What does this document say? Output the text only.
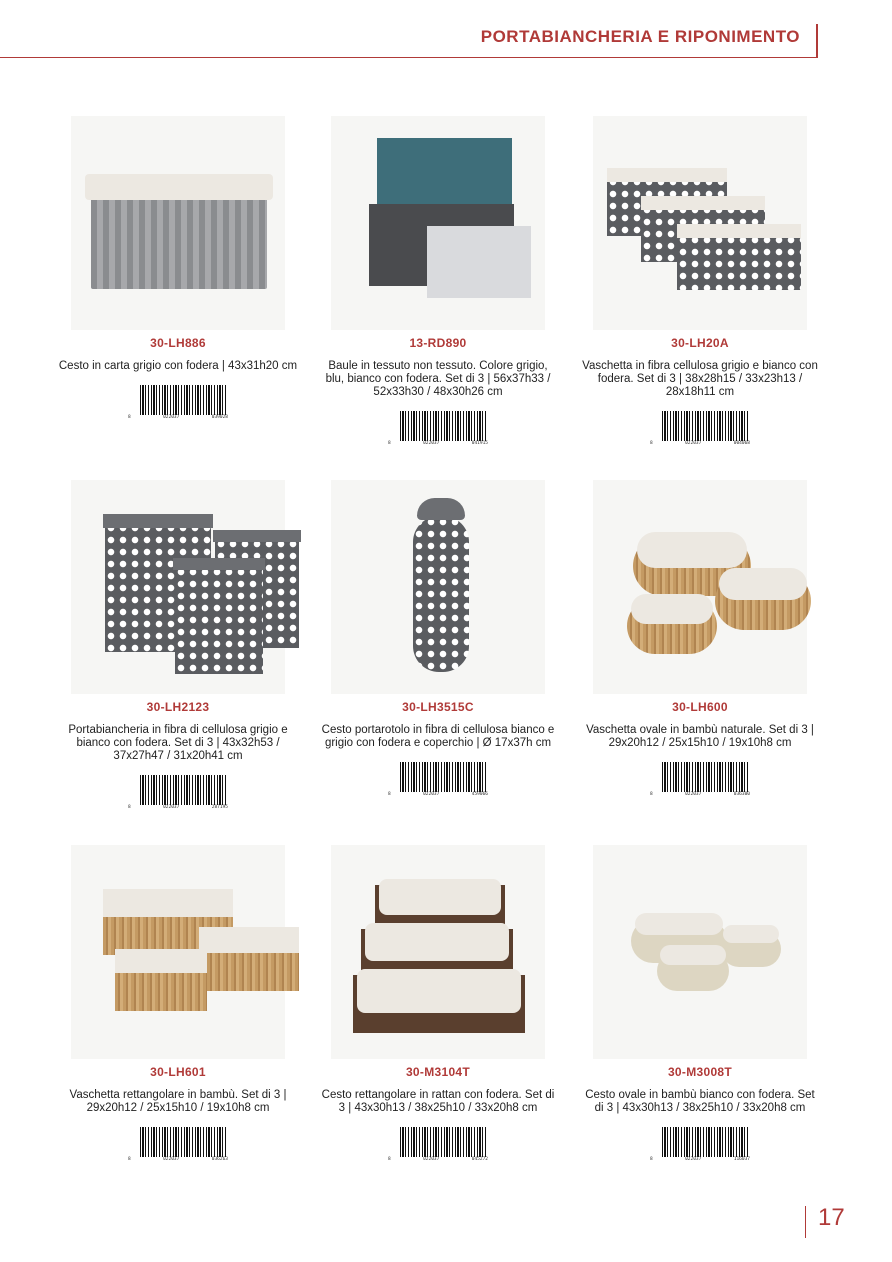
PORTABIANCHERIA E RIPONIMENTO
30-LH886
Cesto in carta grigio con fodera | 43x31h20 cm
8	022037	039028
13-RD890
Baule in tessuto non tessuto. Colore grigio, blu, bianco con fodera. Set di 3 | 56x37h33 / 52x33h30 / 48x30h26 cm
8	022037	041915
30-LH20A
Vaschetta in fibra cellulosa grigio e bianco con fodera. Set di 3 | 38x28h15 / 33x23h13 / 28x18h11 cm
8	022037	004068
30-LH2123
Portabiancheria in fibra di cellulosa grigio e bianco con fodera. Set di 3 | 43x32h53 / 37x27h47 / 31x20h41 cm
8	022037	287195
30-LH3515C
Cesto portarotolo in fibra di cellulosa bianco e grigio con fodera e coperchio | Ø 17x37h cm
8	022037	459066
30-LH600
Vaschetta ovale in bambù naturale. Set di 3 | 29x20h12 / 25x15h10 / 19x10h8 cm
8	022037	036300
30-LH601
Vaschetta rettangolare in bambù. Set di 3 | 29x20h12 / 25x15h10 / 19x10h8 cm
8	022037	036263
30-M3104T
Cesto rettangolare in rattan con fodera. Set di 3 | 43x30h13 / 38x25h10 / 33x20h8 cm
8	022037	045272
30-M3008T
Cesto ovale in bambù bianco con fodera. Set di 3 | 43x30h13 / 38x25h10 / 33x20h8 cm
8	022037	116037
17
